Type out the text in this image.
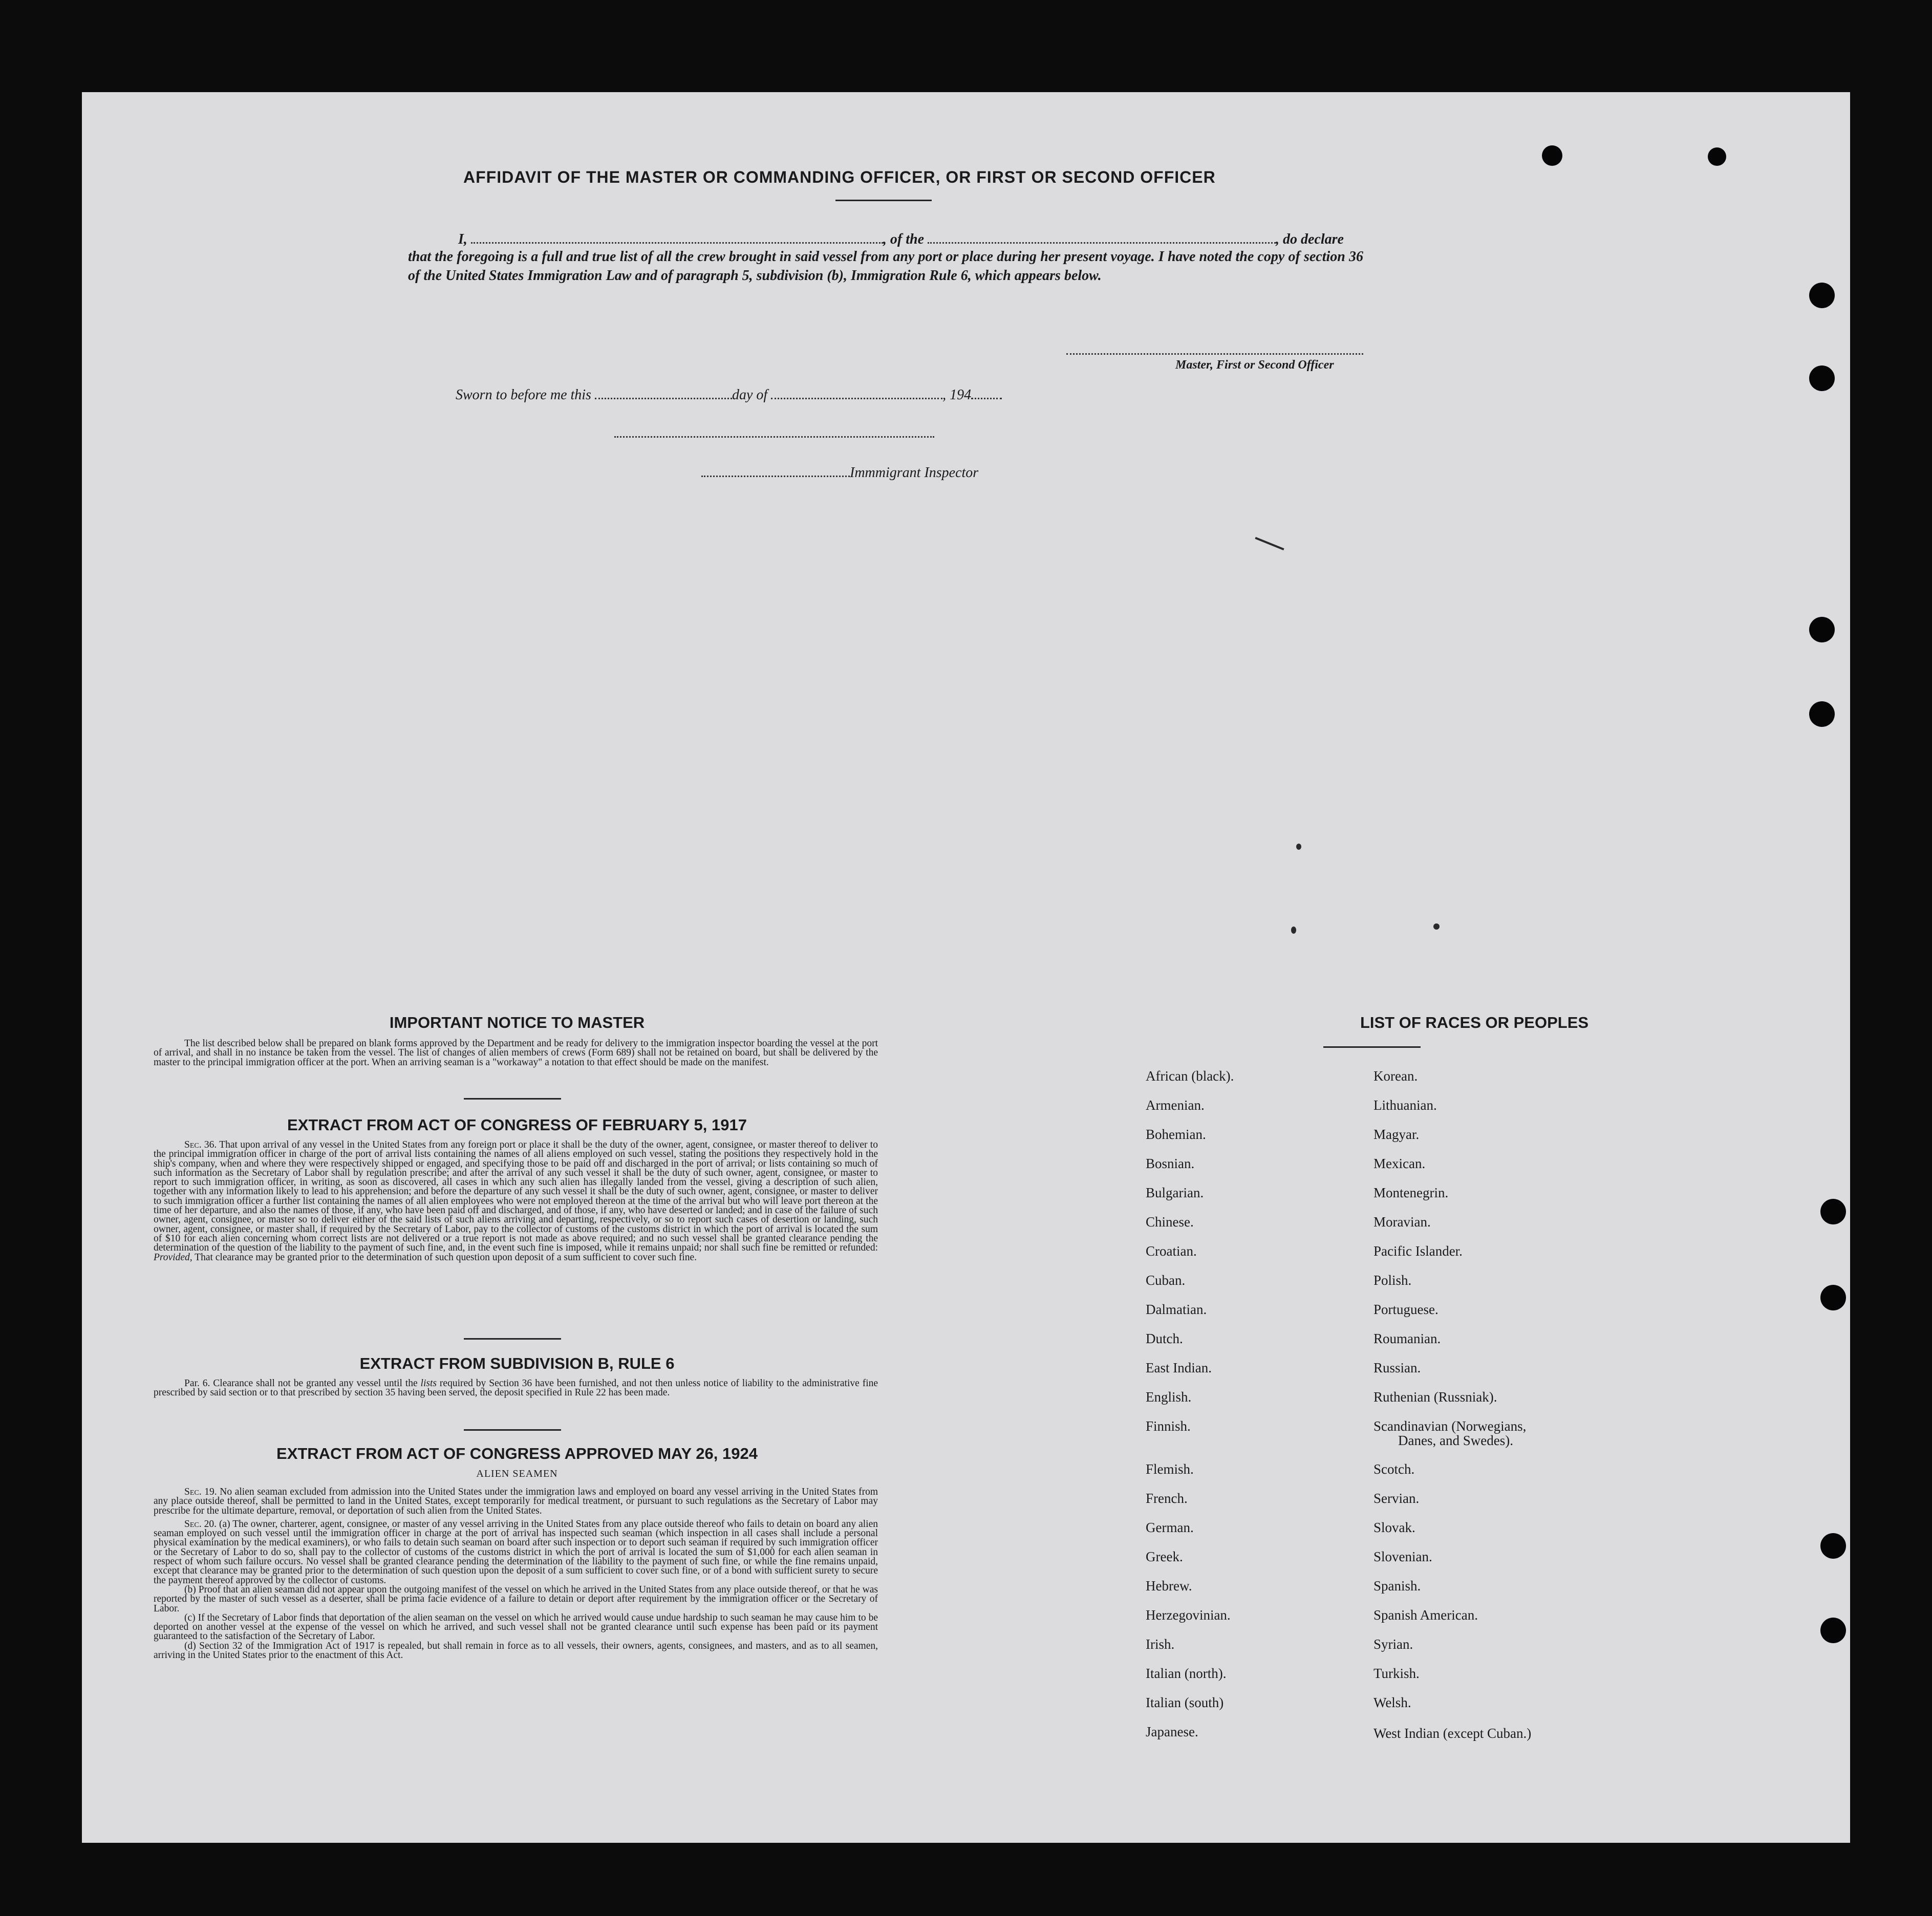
AFFIDAVIT OF THE MASTER OR COMMANDING OFFICER, OR FIRST OR SECOND OFFICER
I,	, of the	, do declare
that the foregoing is a full and true list of all the crew brought in said vessel from any port or place during her present voyage. I have noted the copy of section 36 of the United States Immigration Law and of paragraph 5, subdivision (b), Immigration Rule 6, which appears below.
Master, First or Second Officer
Sworn to before me this	day of	, 194
Immmigrant Inspector
IMPORTANT NOTICE TO MASTER

The list described below shall be prepared on blank forms approved by the Department and be ready for delivery to the immigration inspector boarding the vessel at the port of arrival, and shall in no instance be taken from the vessel. The list of changes of alien members of crews (Form 689) shall not be retained on board, but shall be delivered by the master to the principal immigration officer at the port. When an arriving seaman is a "workaway" a notation to that effect should be made on the manifest.

EXTRACT FROM ACT OF CONGRESS OF FEBRUARY 5, 1917

Sec. 36. That upon arrival of any vessel in the United States from any foreign port or place it shall be the duty of the owner, agent, consignee, or master thereof to deliver to the principal immigration officer in charge of the port of arrival lists containing the names of all aliens employed on such vessel, stating the positions they respectively hold in the ship's company, when and where they were respectively shipped or engaged, and specifying those to be paid off and discharged in the port of arrival; or lists containing so much of such information as the Secretary of Labor shall by regulation prescribe; and after the arrival of any such vessel it shall be the duty of such owner, agent, consignee, or master to report to such immigration officer, in writing, as soon as discovered, all cases in which any such alien has illegally landed from the vessel, giving a description of such alien, together with any information likely to lead to his apprehension; and before the departure of any such vessel it shall be the duty of such owner, agent, consignee, or master to deliver to such immigration officer a further list containing the names of all alien employees who were not employed thereon at the time of the arrival but who will leave port thereon at the time of her departure, and also the names of those, if any, who have been paid off and discharged, and of those, if any, who have deserted or landed; and in case of the failure of such owner, agent, consignee, or master so to deliver either of the said lists of such aliens arriving and departing, respectively, or so to report such cases of desertion or landing, such owner, agent, consignee, or master shall, if required by the Secretary of Labor, pay to the collector of customs of the customs district in which the port of arrival is located the sum of $10 for each alien concerning whom correct lists are not delivered or a true report is not made as above required; and no such vessel shall be granted clearance pending the determination of the question of the liability to the payment of such fine, and, in the event such fine is imposed, while it remains unpaid; nor shall such fine be remitted or refunded: Provided, That clearance may be granted prior to the determination of such question upon deposit of a sum sufficient to cover such fine.

EXTRACT FROM SUBDIVISION B, RULE 6

Par. 6. Clearance shall not be granted any vessel until the lists required by Section 36 have been furnished, and not then unless notice of liability to the administrative fine prescribed by said section or to that prescribed by section 35 having been served, the deposit specified in Rule 22 has been made.

EXTRACT FROM ACT OF CONGRESS APPROVED MAY 26, 1924
ALIEN SEAMEN

Sec. 19. No alien seaman excluded from admission into the United States under the immigration laws and employed on board any vessel arriving in the United States from any place outside thereof, shall be permitted to land in the United States, except temporarily for medical treatment, or pursuant to such regulations as the Secretary of Labor may prescribe for the ultimate departure, removal, or deportation of such alien from the United States.

Sec. 20. (a) The owner, charterer, agent, consignee, or master of any vessel arriving in the United States from any place outside thereof who fails to detain on board any alien seaman employed on such vessel until the immigration officer in charge at the port of arrival has inspected such seaman (which inspection in all cases shall include a personal physical examination by the medical examiners), or who fails to detain such seaman on board after such inspection or to deport such seaman if required by such immigration officer or the Secretary of Labor to do so, shall pay to the collector of customs of the customs district in which the port of arrival is located the sum of $1,000 for each alien seaman in respect of whom such failure occurs. No vessel shall be granted clearance pending the determination of the liability to the payment of such fine, or while the fine remains unpaid, except that clearance may be granted prior to the determination of such question upon the deposit of a sum sufficient to cover such fine, or of a bond with sufficient surety to secure the payment thereof approved by the collector of customs.

(b) Proof that an alien seaman did not appear upon the outgoing manifest of the vessel on which he arrived in the United States from any place outside thereof, or that he was reported by the master of such vessel as a deserter, shall be prima facie evidence of a failure to detain or deport after requirement by the immigration officer or the Secretary of Labor.

(c) If the Secretary of Labor finds that deportation of the alien seaman on the vessel on which he arrived would cause undue hardship to such seaman he may cause him to be deported on another vessel at the expense of the vessel on which he arrived, and such vessel shall not be granted clearance until such expense has been paid or its payment guaranteed to the satisfaction of the Secretary of Labor.

(d) Section 32 of the Immigration Act of 1917 is repealed, but shall remain in force as to all vessels, their owners, agents, consignees, and masters, and as to all seamen, arriving in the United States prior to the enactment of this Act.

LIST OF RACES OR PEOPLES
African (black).
Armenian.
Bohemian.
Bosnian.
Bulgarian.
Chinese.
Croatian.
Cuban.
Dalmatian.
Dutch.
East Indian.
English.
Finnish.
Flemish.
French.
German.
Greek.
Hebrew.
Herzegovinian.
Irish.
Italian (north).
Italian (south)
Japanese.
Korean.
Lithuanian.
Magyar.
Mexican.
Montenegrin.
Moravian.
Pacific Islander.
Polish.
Portuguese.
Roumanian.
Russian.
Ruthenian (Russniak).
Scandinavian (Norwegians,
Danes, and Swedes).
Scotch.
Servian.
Slovak.
Slovenian.
Spanish.
Spanish American.
Syrian.
Turkish.
Welsh.
West Indian (except Cuban.)
